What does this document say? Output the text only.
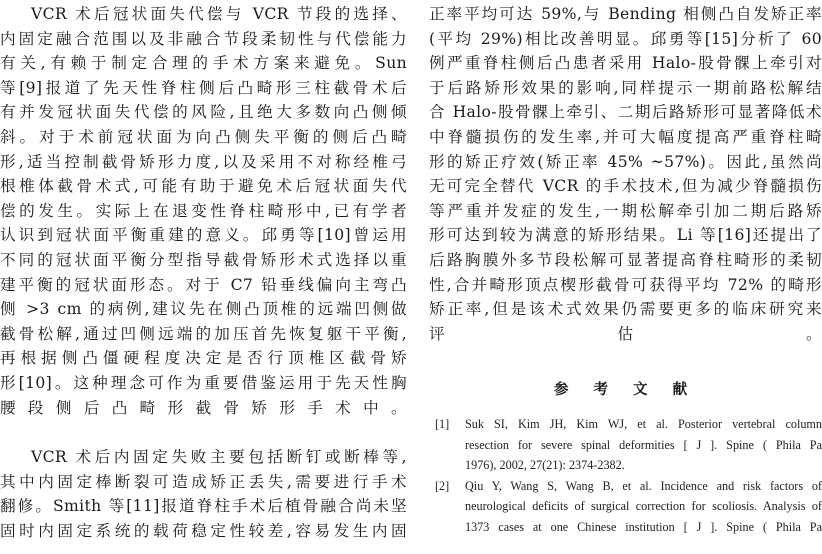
VCR 术后冠状面失代偿与 VCR 节段的选择、
内固定融合范围以及非融合节段柔韧性与代偿能力
有关,有赖于制定合理的手术方案来避免。Sun
等[9]报道了先天性脊柱侧后凸畸形三柱截骨术后
有并发冠状面失代偿的风险,且绝大多数向凸侧倾
斜。对于术前冠状面为向凸侧失平衡的侧后凸畸
形,适当控制截骨矫形力度,以及采用不对称经椎弓
根椎体截骨术式,可能有助于避免术后冠状面失代
偿的发生。实际上在退变性脊柱畸形中,已有学者
认识到冠状面平衡重建的意义。邱勇等[10]曾运用
不同的冠状面平衡分型指导截骨矫形术式选择以重
建平衡的冠状面形态。对于 C7 铅垂线偏向主弯凸
侧 >3 cm 的病例,建议先在侧凸顶椎的远端凹侧做
截骨松解,通过凹侧远端的加压首先恢复躯干平衡,
再根据侧凸僵硬程度决定是否行顶椎区截骨矫
形[10]。这种理念可作为重要借鉴运用于先天性胸
腰段侧后凸畸形截骨矫形手术中。
VCR 术后内固定失败主要包括断钉或断棒等,
其中内固定棒断裂可造成矫正丢失,需要进行手术
翻修。Smith 等[11]报道脊柱手术后植骨融合尚未坚
固时内固定系统的载荷稳定性较差,容易发生内固
正率平均可达 59%,与 Bending 相侧凸自发矫正率
(平均 29%)相比改善明显。邱勇等[15]分析了 60
例严重脊柱侧后凸患者采用 Halo-股骨髁上牵引对
于后路矫形效果的影响,同样提示一期前路松解结
合 Halo-股骨髁上牵引、二期后路矫形可显著降低术
中脊髓损伤的发生率,并可大幅度提高严重脊柱畸
形的矫正疗效(矫正率 45% ~57%)。因此,虽然尚
无可完全替代 VCR 的手术技术,但为减少脊髓损伤
等严重并发症的发生,一期松解牵引加二期后路矫
形可达到较为满意的矫形结果。Li 等[16]还提出了
后路胸膜外多节段松解可显著提高脊柱畸形的柔韧
性,合并畸形顶点楔形截骨可获得平均 72% 的畸形
矫正率,但是该术式效果仍需要更多的临床研究来
评估。
参 考 文 献
[1] Suk SI, Kim JH, Kim WJ, et al. Posterior vertebral column
resection for severe spinal deformities [ J ]. Spine ( Phila Pa
1976), 2002, 27(21): 2374-2382.
[2] Qiu Y, Wang S, Wang B, et al. Incidence and risk factors of
neurological deficits of surgical correction for scoliosis. Analysis of
1373 cases at one Chinese institution [ J ]. Spine ( Phila Pa
